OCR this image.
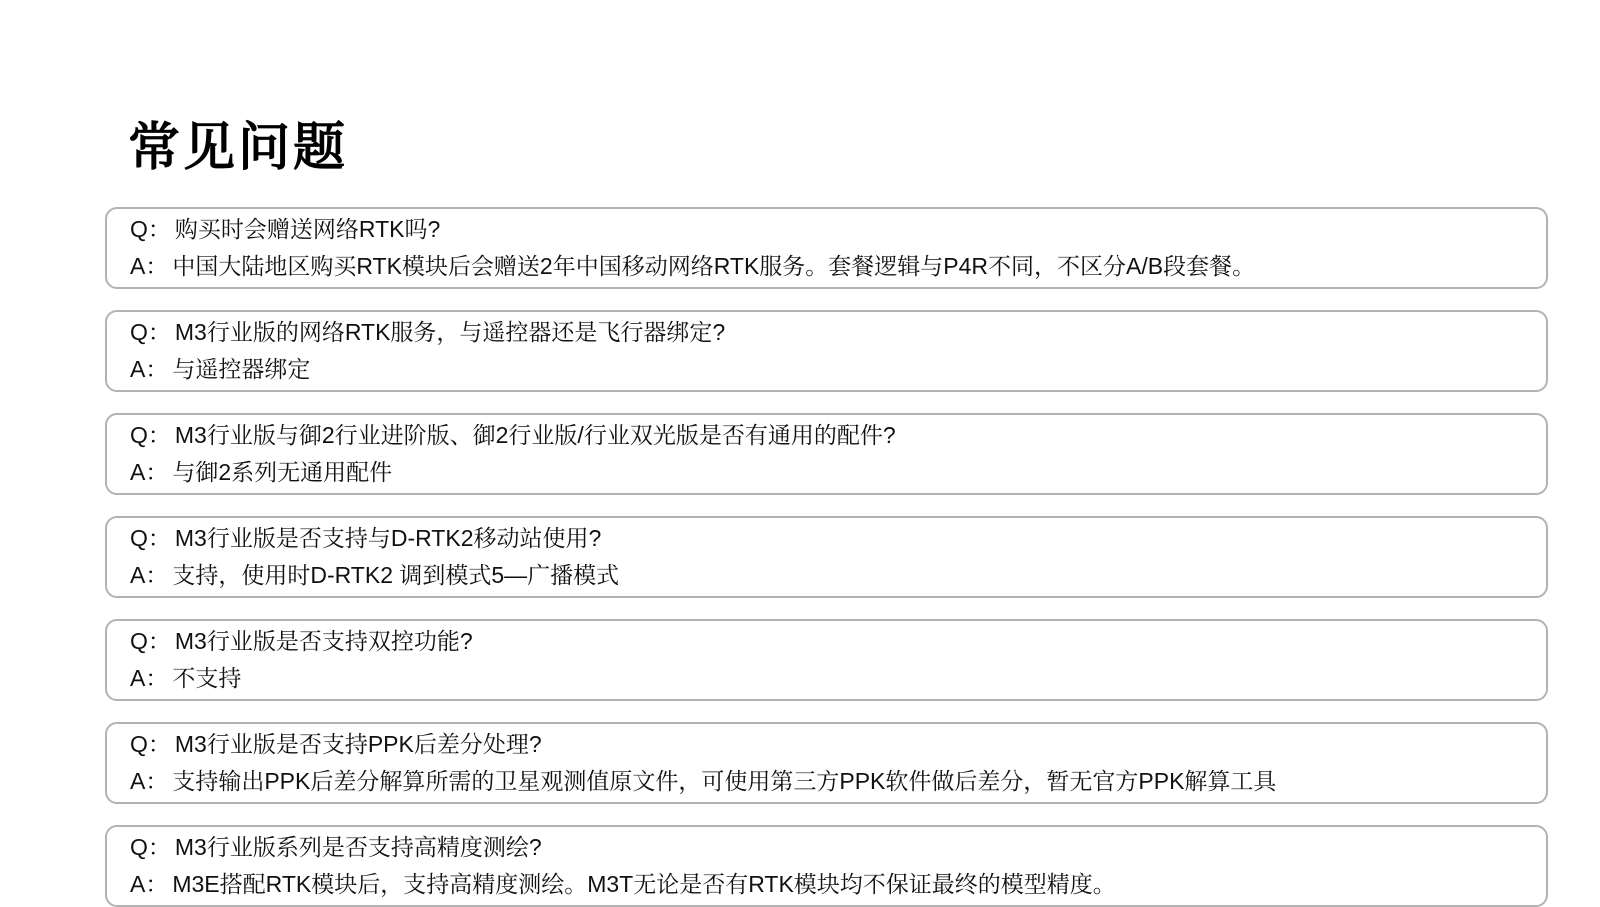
常见问题

Q： 购买时会赠送网络RTK吗?

A： 中国大陆地区购买RTK模块后会赠送2年中国移动网络RTK服务。套餐逻辑与P4R不同，不区分A/B段套餐。

Q： M3行业版的网络RTK服务，与遥控器还是飞行器绑定?

A： 与遥控器绑定

Q： M3行业版与御2行业进阶版、御2行业版/行业双光版是否有通用的配件?

A： 与御2系列无通用配件

Q： M3行业版是否支持与D-RTK2移动站使用?

A： 支持，使用时D-RTK2 调到模式5—广播模式

Q： M3行业版是否支持双控功能?

A： 不支持

Q： M3行业版是否支持PPK后差分处理?

A： 支持输出PPK后差分解算所需的卫星观测值原文件，可使用第三方PPK软件做后差分，暂无官方PPK解算工具

Q： M3行业版系列是否支持高精度测绘?

A： M3E搭配RTK模块后，支持高精度测绘。M3T无论是否有RTK模块均不保证最终的模型精度。
